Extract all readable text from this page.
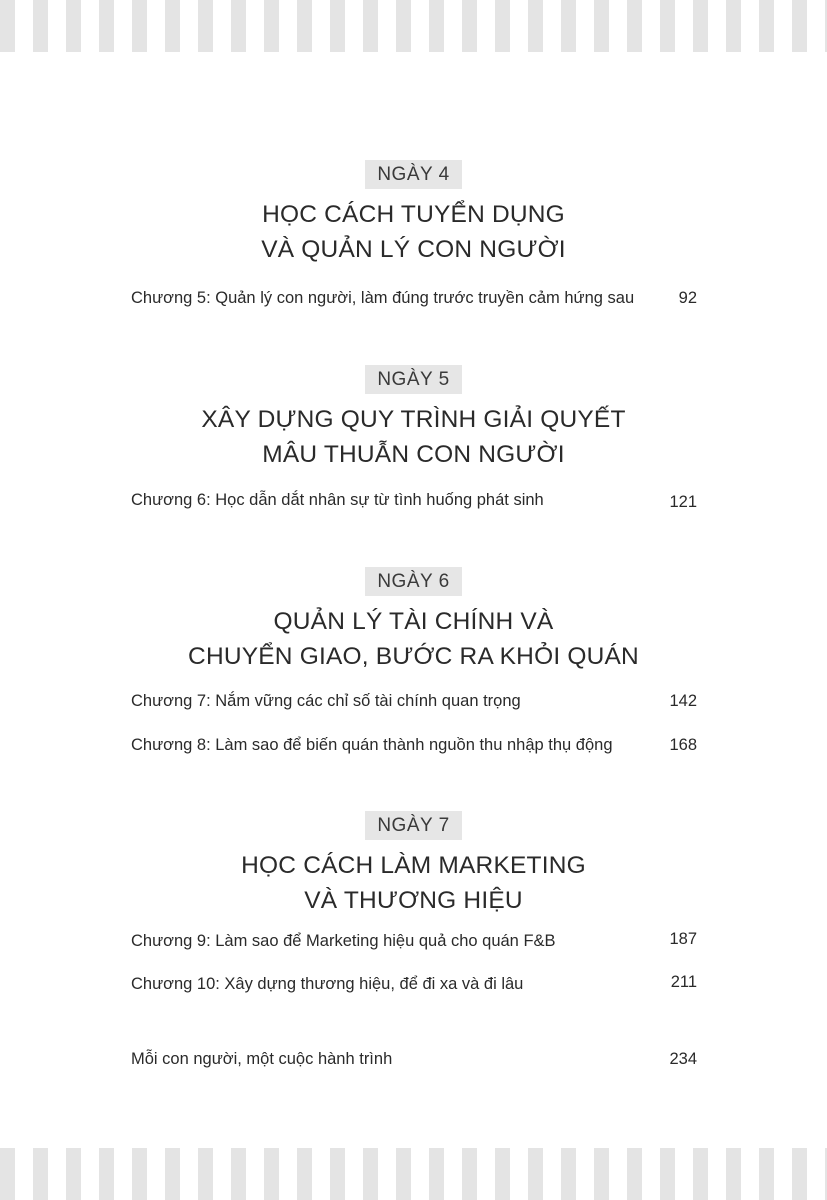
NGÀY 4
HỌC CÁCH TUYỂN DỤNG
VÀ QUẢN LÝ CON NGƯỜI
Chương 5: Quản lý con người, làm đúng trước truyền cảm hứng sau	92
NGÀY 5
XÂY DỰNG QUY TRÌNH GIẢI QUYẾT
MÂU THUẪN CON NGƯỜI
Chương 6: Học dẫn dắt nhân sự từ tình huống phát sinh	121
NGÀY 6
QUẢN LÝ TÀI CHÍNH VÀ
CHUYỂN GIAO, BƯỚC RA KHỎI QUÁN
Chương 7: Nắm vững các chỉ số tài chính quan trọng	142
Chương 8: Làm sao để biến quán thành nguồn thu nhập thụ động	168
NGÀY 7
HỌC CÁCH LÀM MARKETING
VÀ THƯƠNG HIỆU
Chương 9: Làm sao để Marketing hiệu quả cho quán F&B	187
Chương 10: Xây dựng thương hiệu, để đi xa và đi lâu	211
Mỗi con người, một cuộc hành trình	234
